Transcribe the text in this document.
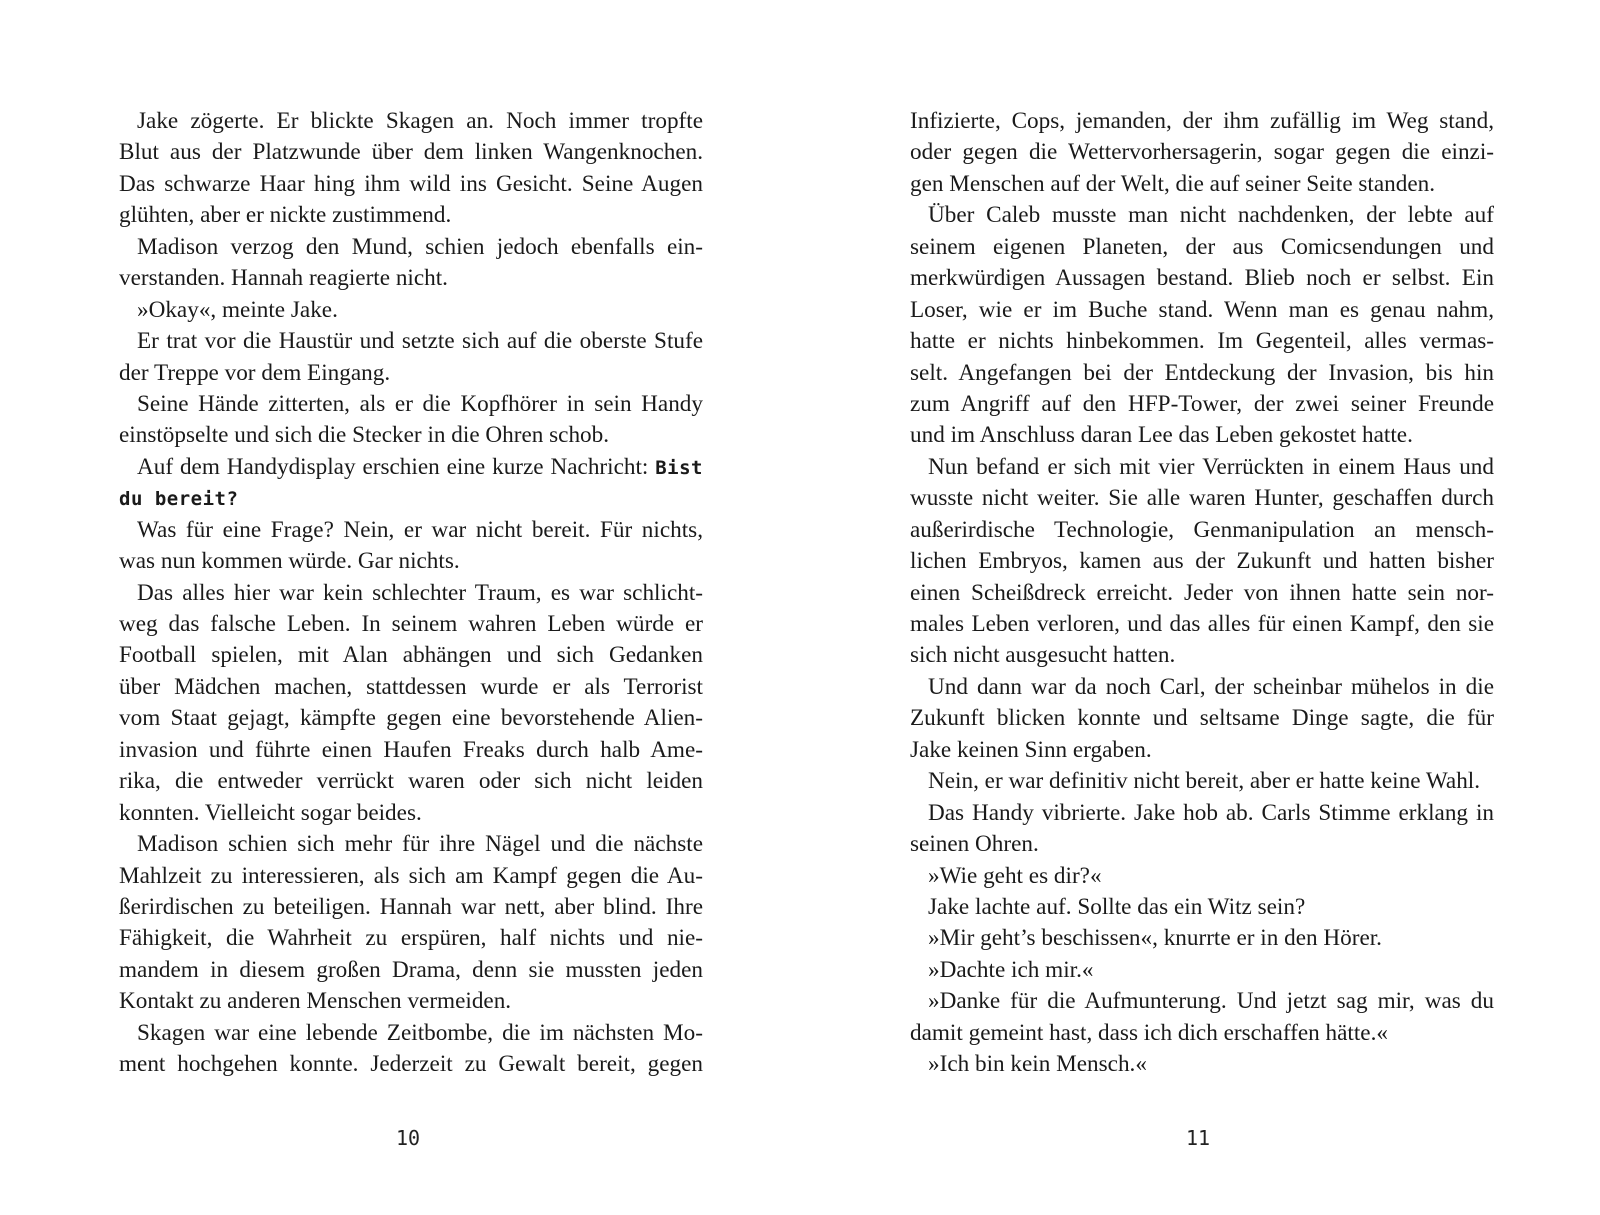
Jake zögerte. Er blickte Skagen an. Noch immer tropfte
Blut aus der Platzwunde über dem linken Wangenknochen.
Das schwarze Haar hing ihm wild ins Gesicht. Seine Augen
glühten, aber er nickte zustimmend.
Madison verzog den Mund, schien jedoch ebenfalls ein-
verstanden. Hannah reagierte nicht.
»Okay«, meinte Jake.
Er trat vor die Haustür und setzte sich auf die oberste Stufe
der Treppe vor dem Eingang.
Seine Hände zitterten, als er die Kopfhörer in sein Handy
einstöpselte und sich die Stecker in die Ohren schob.
Auf dem Handydisplay erschien eine kurze Nachricht: Bist
du bereit?
Was für eine Frage? Nein, er war nicht bereit. Für nichts,
was nun kommen würde. Gar nichts.
Das alles hier war kein schlechter Traum, es war schlicht-
weg das falsche Leben. In seinem wahren Leben würde er
Football spielen, mit Alan abhängen und sich Gedanken
über Mädchen machen, stattdessen wurde er als Terrorist
vom Staat gejagt, kämpfte gegen eine bevorstehende Alien-
invasion und führte einen Haufen Freaks durch halb Ame-
rika, die entweder verrückt waren oder sich nicht leiden
konnten. Vielleicht sogar beides.
Madison schien sich mehr für ihre Nägel und die nächste
Mahlzeit zu interessieren, als sich am Kampf gegen die Au-
ßerirdischen zu beteiligen. Hannah war nett, aber blind. Ihre
Fähigkeit, die Wahrheit zu erspüren, half nichts und nie-
mandem in diesem großen Drama, denn sie mussten jeden
Kontakt zu anderen Menschen vermeiden.
Skagen war eine lebende Zeitbombe, die im nächsten Mo-
ment hochgehen konnte. Jederzeit zu Gewalt bereit, gegen
10
Infizierte, Cops, jemanden, der ihm zufällig im Weg stand,
oder gegen die Wettervorhersagerin, sogar gegen die einzi-
gen Menschen auf der Welt, die auf seiner Seite standen.
Über Caleb musste man nicht nachdenken, der lebte auf
seinem eigenen Planeten, der aus Comicsendungen und
merkwürdigen Aussagen bestand. Blieb noch er selbst. Ein
Loser, wie er im Buche stand. Wenn man es genau nahm,
hatte er nichts hinbekommen. Im Gegenteil, alles vermas-
selt. Angefangen bei der Entdeckung der Invasion, bis hin
zum Angriff auf den HFP-Tower, der zwei seiner Freunde
und im Anschluss daran Lee das Leben gekostet hatte.
Nun befand er sich mit vier Verrückten in einem Haus und
wusste nicht weiter. Sie alle waren Hunter, geschaffen durch
außerirdische Technologie, Genmanipulation an mensch-
lichen Embryos, kamen aus der Zukunft und hatten bisher
einen Scheißdreck erreicht. Jeder von ihnen hatte sein nor-
males Leben verloren, und das alles für einen Kampf, den sie
sich nicht ausgesucht hatten.
Und dann war da noch Carl, der scheinbar mühelos in die
Zukunft blicken konnte und seltsame Dinge sagte, die für
Jake keinen Sinn ergaben.
Nein, er war definitiv nicht bereit, aber er hatte keine Wahl.
Das Handy vibrierte. Jake hob ab. Carls Stimme erklang in
seinen Ohren.
»Wie geht es dir?«
Jake lachte auf. Sollte das ein Witz sein?
»Mir geht’s beschissen«, knurrte er in den Hörer.
»Dachte ich mir.«
»Danke für die Aufmunterung. Und jetzt sag mir, was du
damit gemeint hast, dass ich dich erschaffen hätte.«
»Ich bin kein Mensch.«
11
